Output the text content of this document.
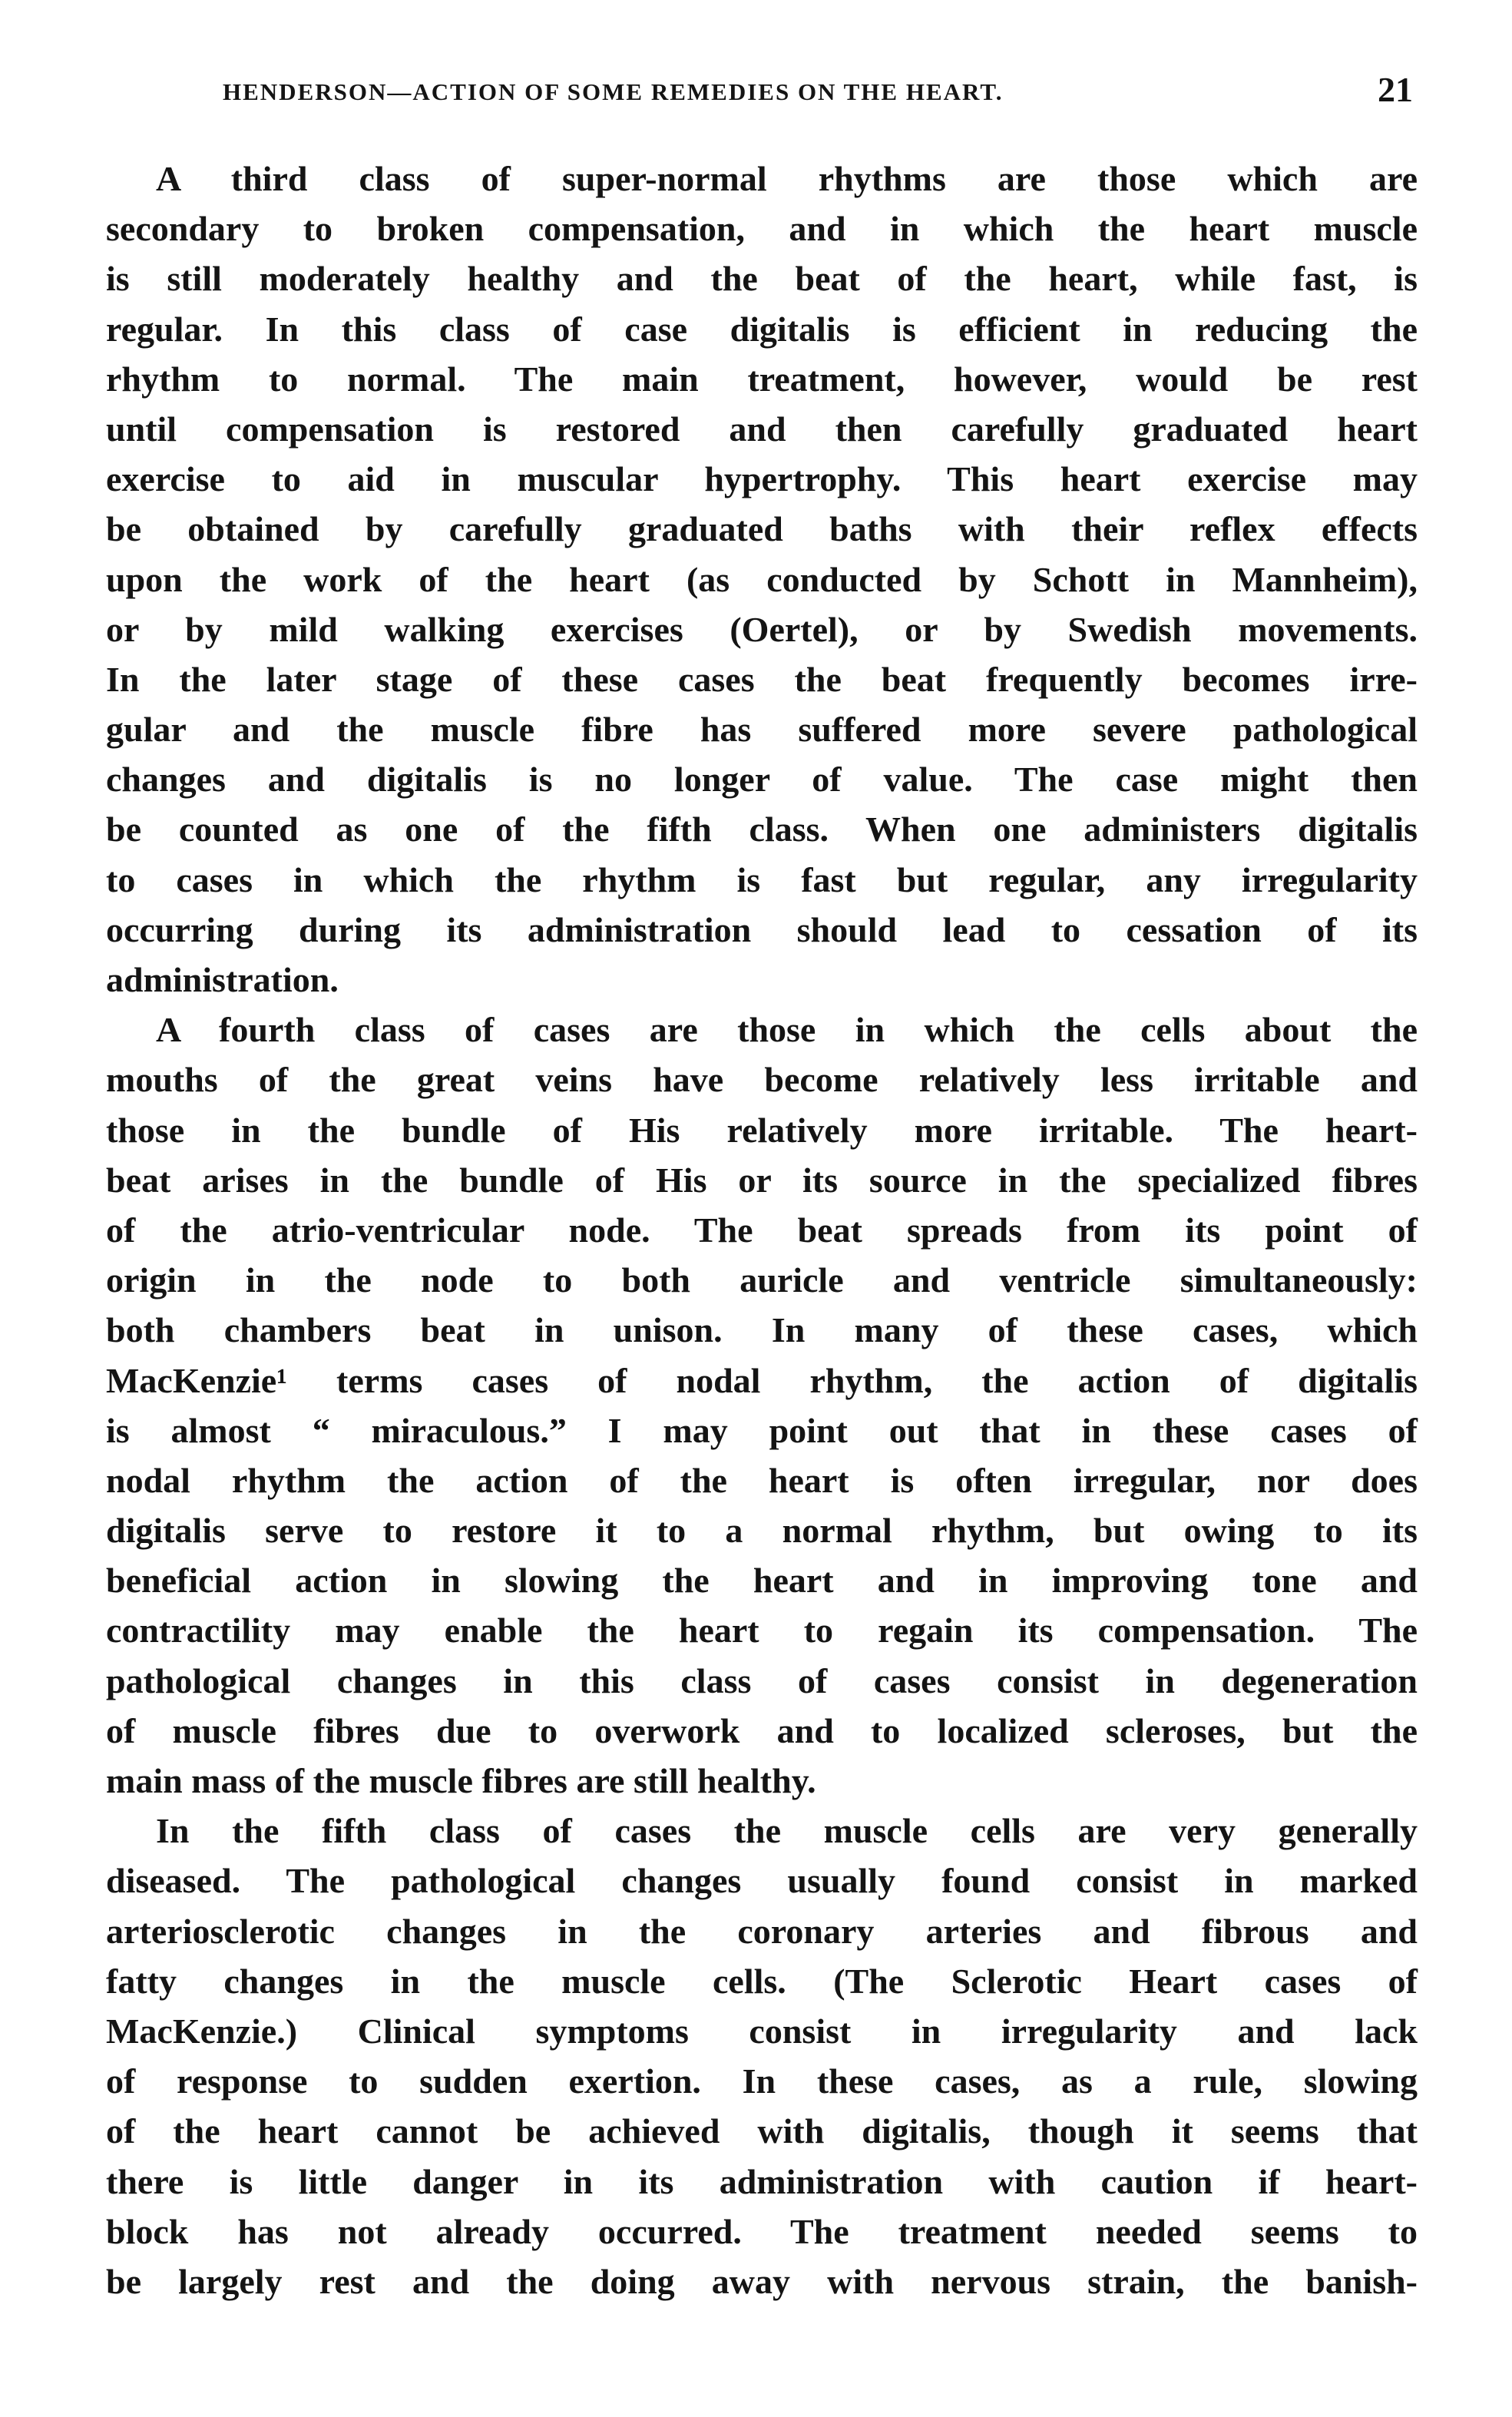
HENDERSON—ACTION OF SOME REMEDIES ON THE HEART.	21
A third class of super-normal rhythms are those which are
secondary to broken compensation, and in which the heart muscle
is still moderately healthy and the beat of the heart, while fast, is
regular. In this class of case digitalis is efficient in reducing the
rhythm to normal. The main treatment, however, would be rest
until compensation is restored and then carefully graduated heart
exercise to aid in muscular hypertrophy. This heart exercise may
be obtained by carefully graduated baths with their reflex effects
upon the work of the heart (as conducted by Schott in Mannheim),
or by mild walking exercises (Oertel), or by Swedish movements.
In the later stage of these cases the beat frequently becomes irre-
gular and the muscle fibre has suffered more severe pathological
changes and digitalis is no longer of value. The case might then
be counted as one of the fifth class. When one administers digitalis
to cases in which the rhythm is fast but regular, any irregularity
occurring during its administration should lead to cessation of its
administration.
A fourth class of cases are those in which the cells about the
mouths of the great veins have become relatively less irritable and
those in the bundle of His relatively more irritable. The heart-
beat arises in the bundle of His or its source in the specialized fibres
of the atrio-ventricular node. The beat spreads from its point of
origin in the node to both auricle and ventricle simultaneously:
both chambers beat in unison. In many of these cases, which
MacKenzie¹ terms cases of nodal rhythm, the action of digitalis
is almost “ miraculous.” I may point out that in these cases of
nodal rhythm the action of the heart is often irregular, nor does
digitalis serve to restore it to a normal rhythm, but owing to its
beneficial action in slowing the heart and in improving tone and
contractility may enable the heart to regain its compensation. The
pathological changes in this class of cases consist in degeneration
of muscle fibres due to overwork and to localized scleroses, but the
main mass of the muscle fibres are still healthy.
In the fifth class of cases the muscle cells are very generally
diseased. The pathological changes usually found consist in marked
arteriosclerotic changes in the coronary arteries and fibrous and
fatty changes in the muscle cells. (The Sclerotic Heart cases of
MacKenzie.) Clinical symptoms consist in irregularity and lack
of response to sudden exertion. In these cases, as a rule, slowing
of the heart cannot be achieved with digitalis, though it seems that
there is little danger in its administration with caution if heart-
block has not already occurred. The treatment needed seems to
be largely rest and the doing away with nervous strain, the banish-
